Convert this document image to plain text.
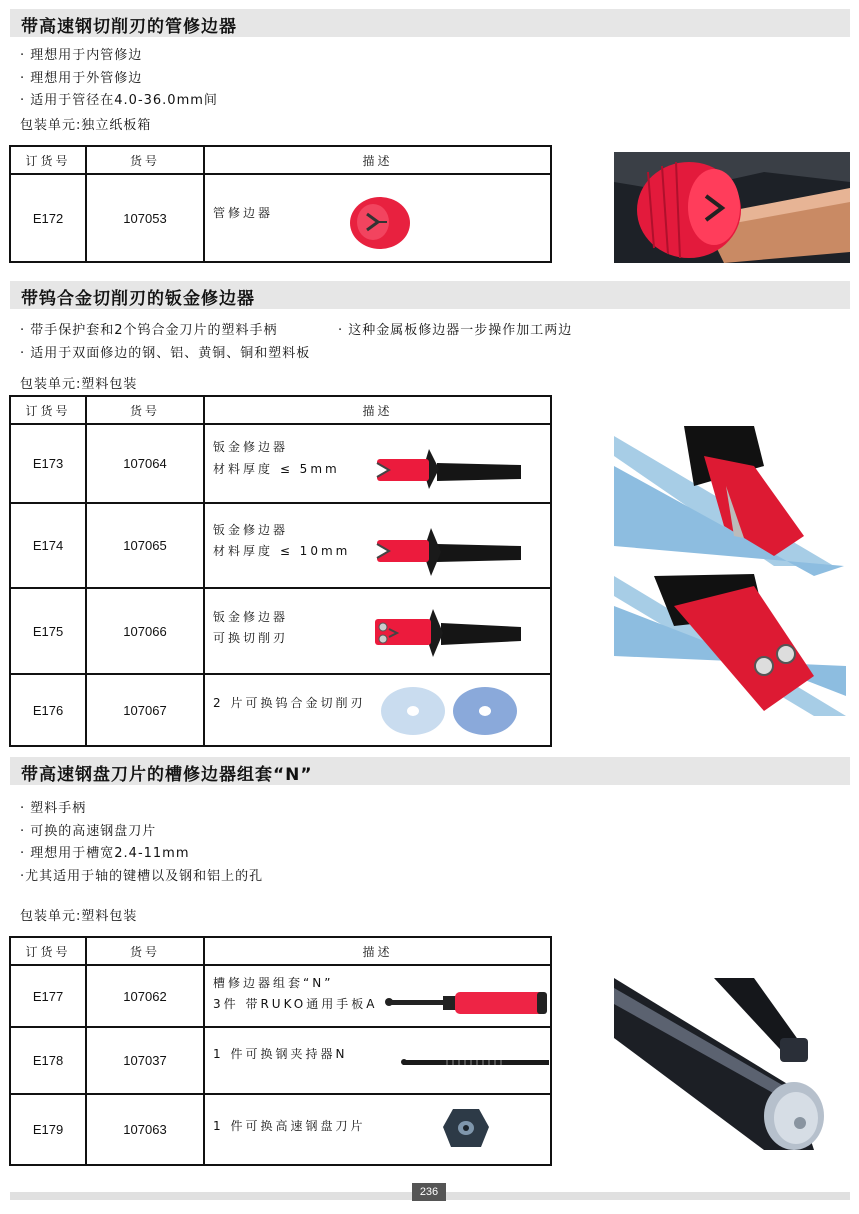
带高速钢切削刃的管修边器
· 理想用于内管修边
· 理想用于外管修边
· 适用于管径在4.0-36.0mm间
包装单元:独立纸板箱
订货号	货号	描述
E172	107053	管修边器
带钨合金切削刃的钣金修边器
· 带手保护套和2个钨合金刀片的塑料手柄
· 适用于双面修边的钢、铝、黄铜、铜和塑料板
· 这种金属板修边器一步操作加工两边
包装单元:塑料包装
订货号	货号	描述
E173	107064	钣金修边器
材料厚度 ≤ 5mm

E174	107065	钣金修边器
材料厚度 ≤ 10mm

E175	107066	钣金修边器
可换切削刃

E176	107067	2 片可换钨合金切削刃
带高速钢盘刀片的槽修边器组套“N”
· 塑料手柄
· 可换的高速钢盘刀片
· 理想用于槽宽2.4-11mm
·尤其适用于轴的键槽以及钢和铝上的孔
包装单元:塑料包装
订货号	货号	描述
E177	107062	槽修边器组套“N”
3件 带RUKO通用手板A

E178	107037	1 件可换钢夹持器N

E179	107063	1 件可换高速钢盘刀片
236
